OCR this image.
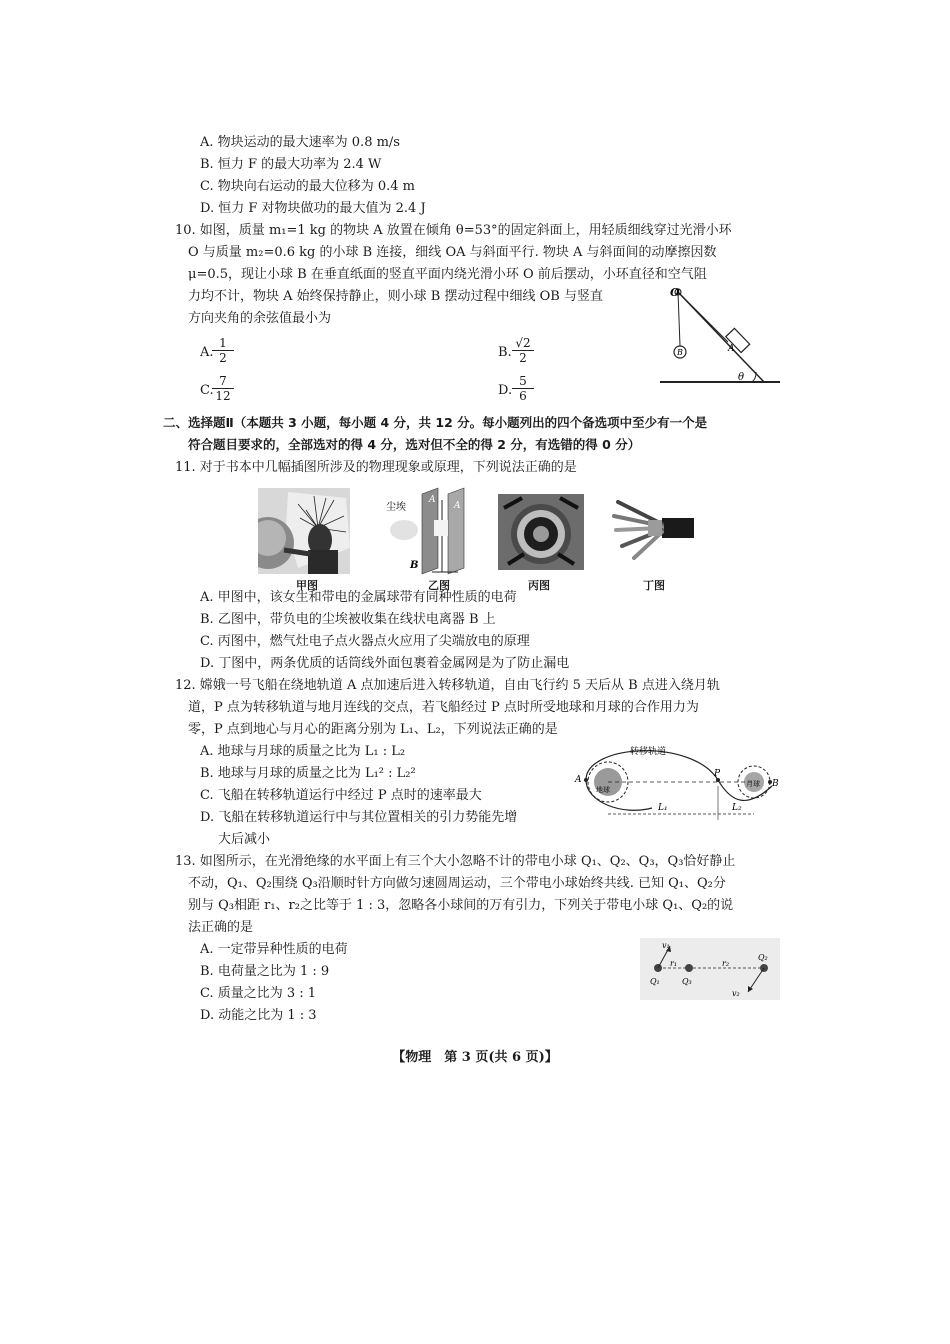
A. 物块运动的最大速率为 0.8 m/s
B. 恒力 F 的最大功率为 2.4 W
C. 物块向右运动的最大位移为 0.4 m
D. 恒力 F 对物块做功的最大值为 2.4 J
10. 如图，质量 m₁=1 kg 的物块 A 放置在倾角 θ=53°的固定斜面上，用轻质细线穿过光滑小环
O 与质量 m₂=0.6 kg 的小球 B 连接，细线 OA 与斜面平行. 物块 A 与斜面间的动摩擦因数
μ=0.5，现让小球 B 在垂直纸面的竖直平面内绕光滑小环 O 前后摆动，小环直径和空气阻
力均不计，物块 A 始终保持静止，则小球 B 摆动过程中细线 OB 与竖直
方向夹角的余弦值最小为
A.
$\frac{1}{2}$	B. $\frac{√2}{2}$
C.
$\frac{7}{12}$	D. $\frac{5}{6}$
O
B	A
θ
二、选择题Ⅱ（本题共 3 小题，每小题 4 分，共 12 分。每小题列出的四个备选项中至少有一个是
符合题目要求的，全部选对的得 4 分，选对但不全的得 2 分，有选错的得 0 分）
11. 对于书本中几幅插图所涉及的物理现象或原理，下列说法正确的是
甲图
尘埃
A
A
B
乙图	丙图	丁图
A. 甲图中，该女生和带电的金属球带有同种性质的电荷
B. 乙图中，带负电的尘埃被收集在线状电离器 B 上
C. 丙图中，燃气灶电子点火器点火应用了尖端放电的原理
D. 丁图中，两条优质的话筒线外面包裹着金属网是为了防止漏电
12. 嫦娥一号飞船在绕地轨道 A 点加速后进入转移轨道，自由飞行约 5 天后从 B 点进入绕月轨
道，P 点为转移轨道与地月连线的交点，若飞船经过 P 点时所受地球和月球的合作用力为
零，P 点到地心与月心的距离分别为 L₁、L₂，下列说法正确的是
A. 地球与月球的质量之比为 L₁ : L₂
B. 地球与月球的质量之比为 L₁² : L₂²
C. 飞船在转移轨道运行中经过 P 点时的速率最大
D. 飞船在转移轨道运行中与其位置相关的引力势能先增
大后减小
转移轨道
地球
月球
A
P
B
L₁	L₂
13. 如图所示，在光滑绝缘的水平面上有三个大小忽略不计的带电小球 Q₁、Q₂、Q₃，Q₃恰好静止
不动，Q₁、Q₂围绕 Q₃沿顺时针方向做匀速圆周运动，三个带电小球始终共线. 已知 Q₁、Q₂分
别与 Q₃相距 r₁、r₂之比等于 1 : 3，忽略各小球间的万有引力，下列关于带电小球 Q₁、Q₂的说
法正确的是
A. 一定带异种性质的电荷
B. 电荷量之比为 1 : 9
C. 质量之比为 3 : 1
D. 动能之比为 1 : 3
v₁
v₂
r₁	r₂
Q₁	Q₃
Q₂
【物理　第 3 页(共 6 页)】
